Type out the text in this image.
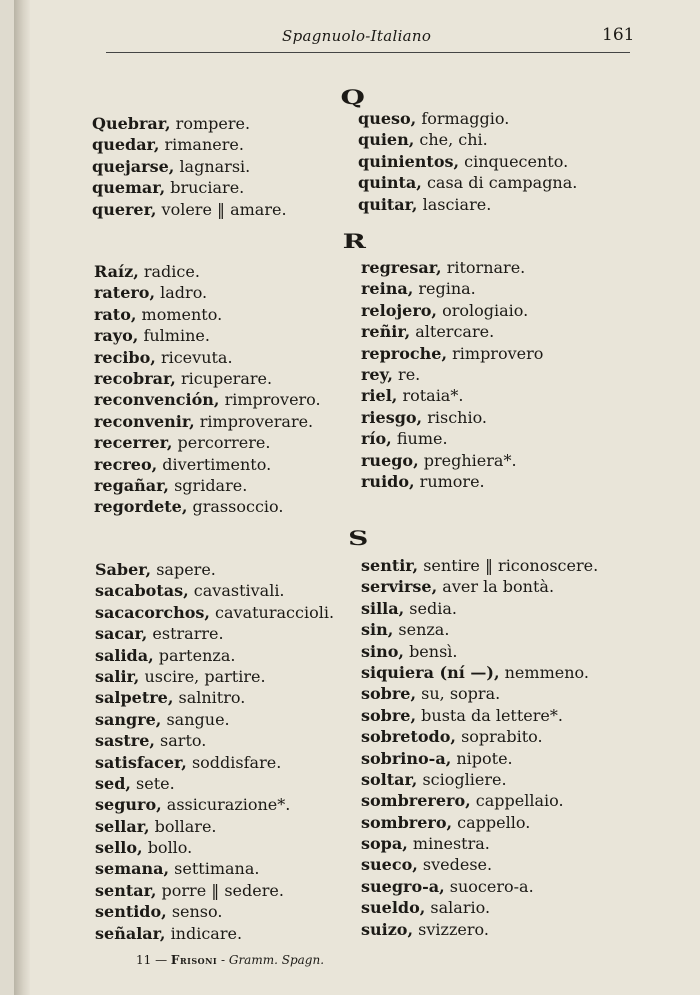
Spagnuolo-Italiano	161
Q
Quebrar, rompere.
quedar, rimanere.
quejarse, lagnarsi.
quemar, bruciare.
querer, volere ‖ amare.
queso, formaggio.
quien, che, chi.
quinientos, cinquecento.
quinta, casa di campagna.
quitar, lasciare.
R
Raíz, radice.
ratero, ladro.
rato, momento.
rayo, fulmine.
recibo, ricevuta.
recobrar, ricuperare.
reconvención, rimprovero.
reconvenir, rimproverare.
recerrer, percorrere.
recreo, divertimento.
regañar, sgridare.
regordete, grassoccio.
regresar, ritornare.
reina, regina.
relojero, orologiaio.
reñir, altercare.
reproche, rimprovero
rey, re.
riel, rotaia*.
riesgo, rischio.
río, fiume.
ruego, preghiera*.
ruido, rumore.
S
Saber, sapere.
sacabotas, cavastivali.
sacacorchos, cavaturaccioli.
sacar, estrarre.
salida, partenza.
salir, uscire, partire.
salpetre, salnitro.
sangre, sangue.
sastre, sarto.
satisfacer, soddisfare.
sed, sete.
seguro, assicurazione*.
sellar, bollare.
sello, bollo.
semana, settimana.
sentar, porre ‖ sedere.
sentido, senso.
señalar, indicare.
sentir, sentire ‖ riconoscere.
servirse, aver la bontà.
silla, sedia.
sin, senza.
sino, bensì.
siquiera (ní —), nemmeno.
sobre, su, sopra.
sobre, busta da lettere*.
sobretodo, soprabito.
sobrino-a, nipote.
soltar, sciogliere.
sombrerero, cappellaio.
sombrero, cappello.
sopa, minestra.
sueco, svedese.
suegro-a, suocero-a.
sueldo, salario.
suizo, svizzero.
11 — Frisoni - Gramm. Spagn.
